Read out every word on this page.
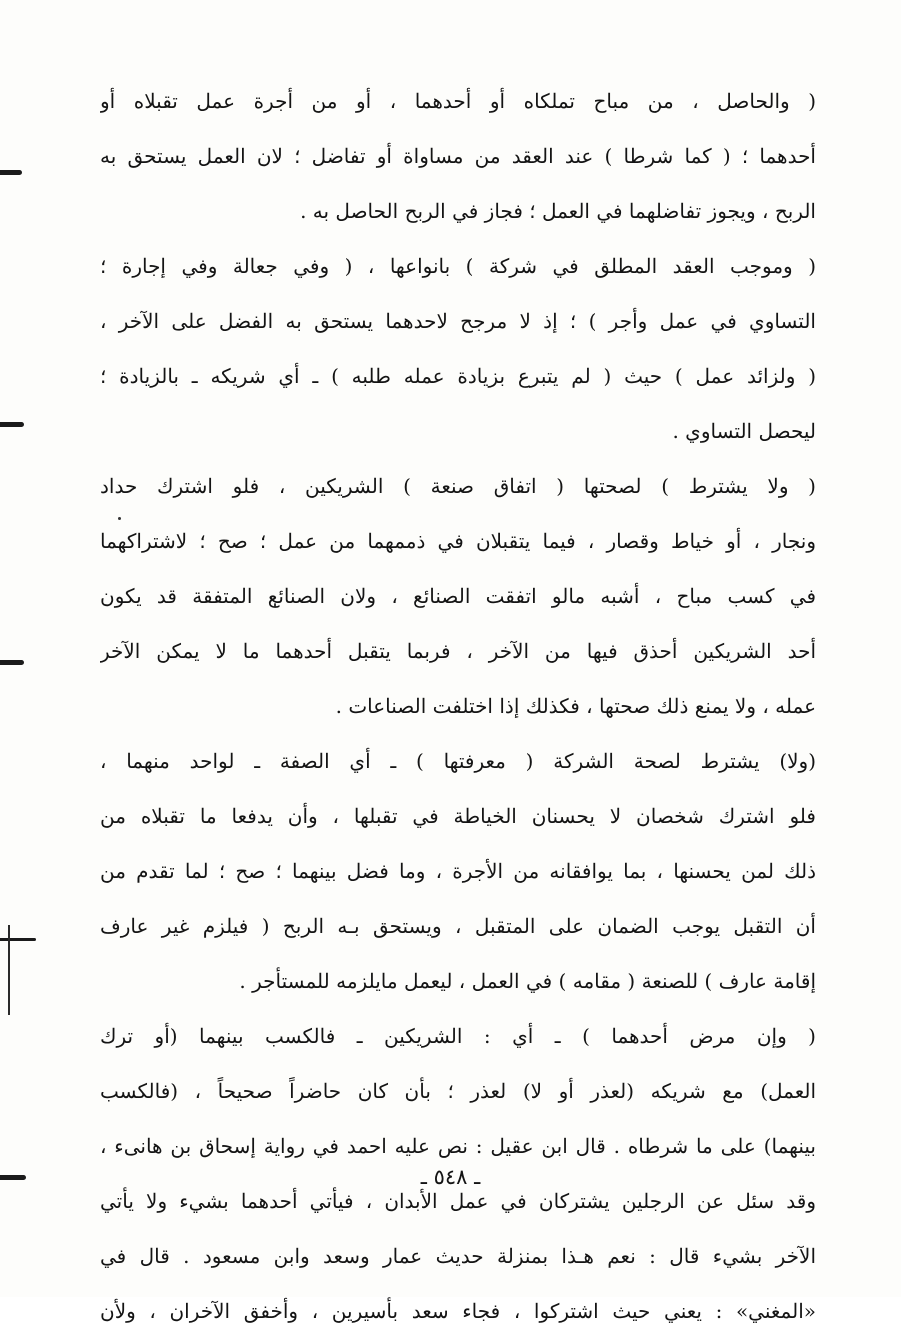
( والحاصل ، من مباح تملكاه أو أحدهما ، أو من أجرة عمل تقبلاه أو
أحدهما ؛ ( كما شرطا ) عند العقد من مساواة أو تفاضل ؛ لان العمل يستحق به
الربح ، ويجوز تفاضلهما في العمل ؛ فجاز في الربح الحاصل به .
( وموجب العقد المطلق في شركة ) بانواعها ، ( وفي جعالة وفي إجارة ؛
التساوي في عمل وأجر ) ؛ إذ لا مرجح لاحدهما يستحق به الفضل على الآخر ،
( ولزائد عمل ) حيث ( لم يتبرع بزيادة عمله طلبه ) ـ أي شريكه ـ بالزيادة ؛
ليحصل التساوي .
( ولا يشترط ) لصحتها ( اتفاق صنعة ) الشريكين ، فلو اشترك حداد
ونجار ، أو خياط وقصار ، فيما يتقبلان في ذممهما من عمل ؛ صح ؛ لاشتراكهما
في كسب مباح ، أشبه مالو اتفقت الصنائع ، ولان الصنائع المتفقة قد يكون
أحد الشريكين أحذق فيها من الآخر ، فربما يتقبل أحدهما ما لا يمكن الآخر
عمله ، ولا يمنع ذلك صحتها ، فكذلك إذا اختلفت الصناعات .
(ولا) يشترط لصحة الشركة ( معرفتها ) ـ أي الصفة ـ لواحد منهما ،
فلو اشترك شخصان لا يحسنان الخياطة في تقبلها ، وأن يدفعا ما تقبلاه من
ذلك لمن يحسنها ، بما يوافقانه من الأجرة ، وما فضل بينهما ؛ صح ؛ لما تقدم من
أن التقبل يوجب الضمان على المتقبل ، ويستحق بـه الربح ( فيلزم غير عارف
إقامة عارف ) للصنعة ( مقامه ) في العمل ، ليعمل مايلزمه للمستأجر .
( وإن مرض أحدهما ) ـ أي : الشريكين ـ فالكسب بينهما (أو ترك
العمل) مع شريكه (لعذر أو لا) لعذر ؛ بأن كان حاضراً صحيحاً ، (فالكسب
بينهما) على ما شرطاه . قال ابن عقيل : نص عليه احمد في رواية إسحاق بن هانىء ،
وقد سئل عن الرجلين يشتركان في عمل الأبدان ، فيأتي أحدهما بشيء ولا يأتي
الآخر بشيء قال : نعم هـذا بمنزلة حديث عمار وسعد وابن مسعود . قال في
«المغني» : يعني حيث اشتركوا ، فجاء سعد بأسيرين ، وأخفق الآخران ، ولأن
ـ ٥٤٨ ـ
